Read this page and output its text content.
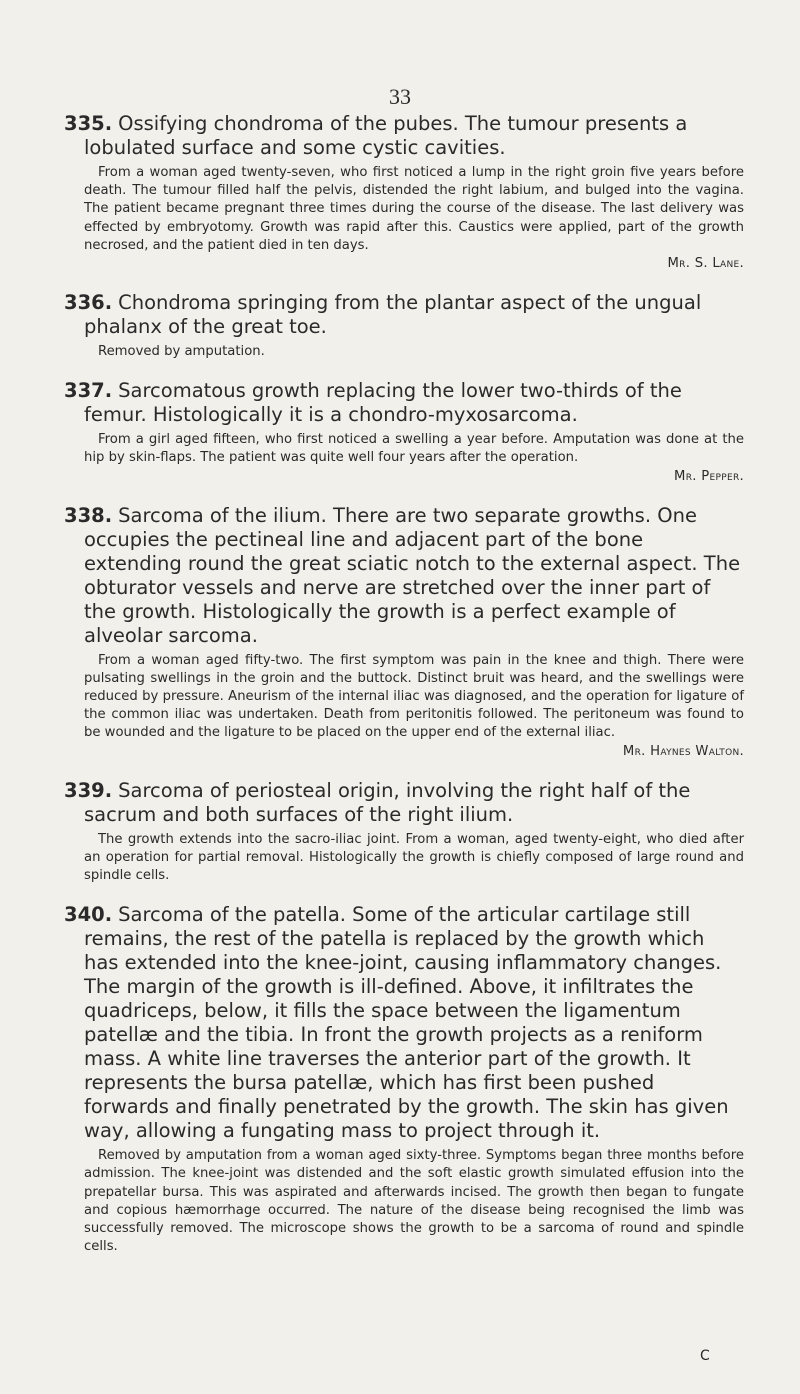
33

335. Ossifying chondroma of the pubes. The tumour presents a lobulated surface and some cystic cavities.

From a woman aged twenty-seven, who first noticed a lump in the right groin five years before death. The tumour filled half the pelvis, distended the right labium, and bulged into the vagina. The patient became pregnant three times during the course of the disease. The last delivery was effected by embryotomy. Growth was rapid after this. Caustics were applied, part of the growth necrosed, and the patient died in ten days.

Mr. S. Lane.

336. Chondroma springing from the plantar aspect of the ungual phalanx of the great toe.

Removed by amputation.

337. Sarcomatous growth replacing the lower two-thirds of the femur. Histologically it is a chondro-myxosarcoma.

From a girl aged fifteen, who first noticed a swelling a year before. Amputation was done at the hip by skin-flaps. The patient was quite well four years after the operation.

Mr. Pepper.

338. Sarcoma of the ilium. There are two separate growths. One occupies the pectineal line and adjacent part of the bone extending round the great sciatic notch to the external aspect. The obturator vessels and nerve are stretched over the inner part of the growth. Histologically the growth is a perfect example of alveolar sarcoma.

From a woman aged fifty-two. The first symptom was pain in the knee and thigh. There were pulsating swellings in the groin and the buttock. Distinct bruit was heard, and the swellings were reduced by pressure. Aneurism of the internal iliac was diagnosed, and the operation for ligature of the common iliac was undertaken. Death from peritonitis followed. The peritoneum was found to be wounded and the ligature to be placed on the upper end of the external iliac.

Mr. Haynes Walton.

339. Sarcoma of periosteal origin, involving the right half of the sacrum and both surfaces of the right ilium.

The growth extends into the sacro-iliac joint. From a woman, aged twenty-eight, who died after an operation for partial removal. Histologically the growth is chiefly composed of large round and spindle cells.

340. Sarcoma of the patella. Some of the articular cartilage still remains, the rest of the patella is replaced by the growth which has extended into the knee-joint, causing inflammatory changes. The margin of the growth is ill-defined. Above, it infiltrates the quadriceps, below, it fills the space between the ligamentum patellæ and the tibia. In front the growth projects as a reniform mass. A white line traverses the anterior part of the growth. It represents the bursa patellæ, which has first been pushed forwards and finally penetrated by the growth. The skin has given way, allowing a fungating mass to project through it.

Removed by amputation from a woman aged sixty-three. Symptoms began three months before admission. The knee-joint was distended and the soft elastic growth simulated effusion into the prepatellar bursa. This was aspirated and afterwards incised. The growth then began to fungate and copious hæmorrhage occurred. The nature of the disease being recognised the limb was successfully removed. The microscope shows the growth to be a sarcoma of round and spindle cells.

C
